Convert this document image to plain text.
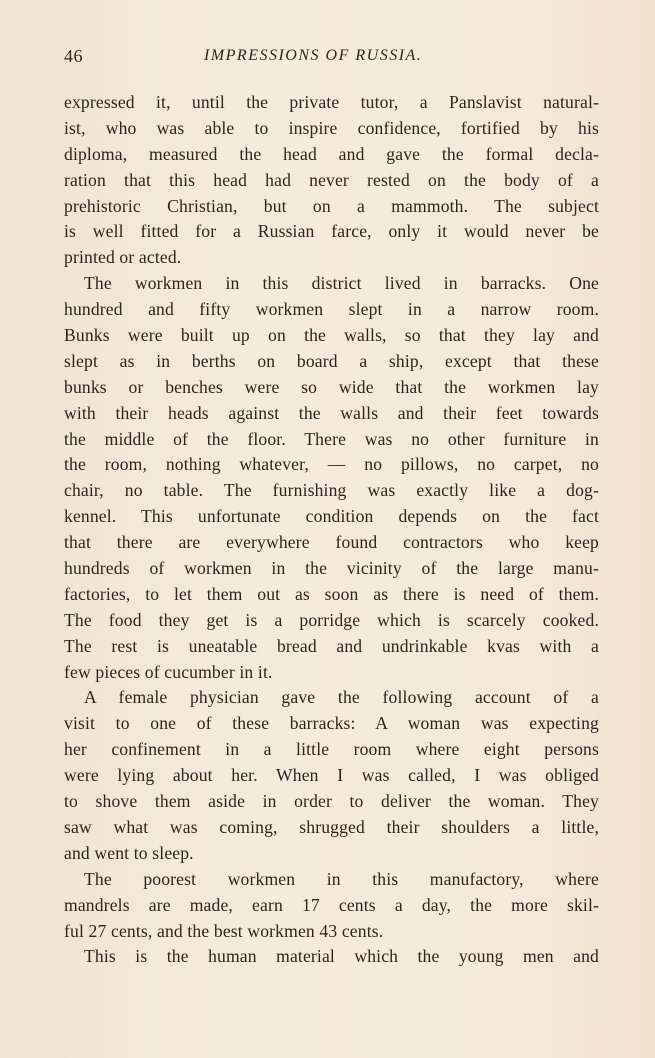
46	IMPRESSIONS OF RUSSIA.
expressed it, until the private tutor, a Panslavist natural-
ist, who was able to inspire confidence, fortified by his
diploma, measured the head and gave the formal decla-
ration that this head had never rested on the body of a
prehistoric Christian, but on a mammoth. The subject
is well fitted for a Russian farce, only it would never be
printed or acted.
The workmen in this district lived in barracks. One
hundred and fifty workmen slept in a narrow room.
Bunks were built up on the walls, so that they lay and
slept as in berths on board a ship, except that these
bunks or benches were so wide that the workmen lay
with their heads against the walls and their feet towards
the middle of the floor. There was no other furniture in
the room, nothing whatever, — no pillows, no carpet, no
chair, no table. The furnishing was exactly like a dog-
kennel. This unfortunate condition depends on the fact
that there are everywhere found contractors who keep
hundreds of workmen in the vicinity of the large manu-
factories, to let them out as soon as there is need of them.
The food they get is a porridge which is scarcely cooked.
The rest is uneatable bread and undrinkable kvas with a
few pieces of cucumber in it.
A female physician gave the following account of a
visit to one of these barracks: A woman was expecting
her confinement in a little room where eight persons
were lying about her. When I was called, I was obliged
to shove them aside in order to deliver the woman. They
saw what was coming, shrugged their shoulders a little,
and went to sleep.
The poorest workmen in this manufactory, where
mandrels are made, earn 17 cents a day, the more skil-
ful 27 cents, and the best workmen 43 cents.
This is the human material which the young men and
